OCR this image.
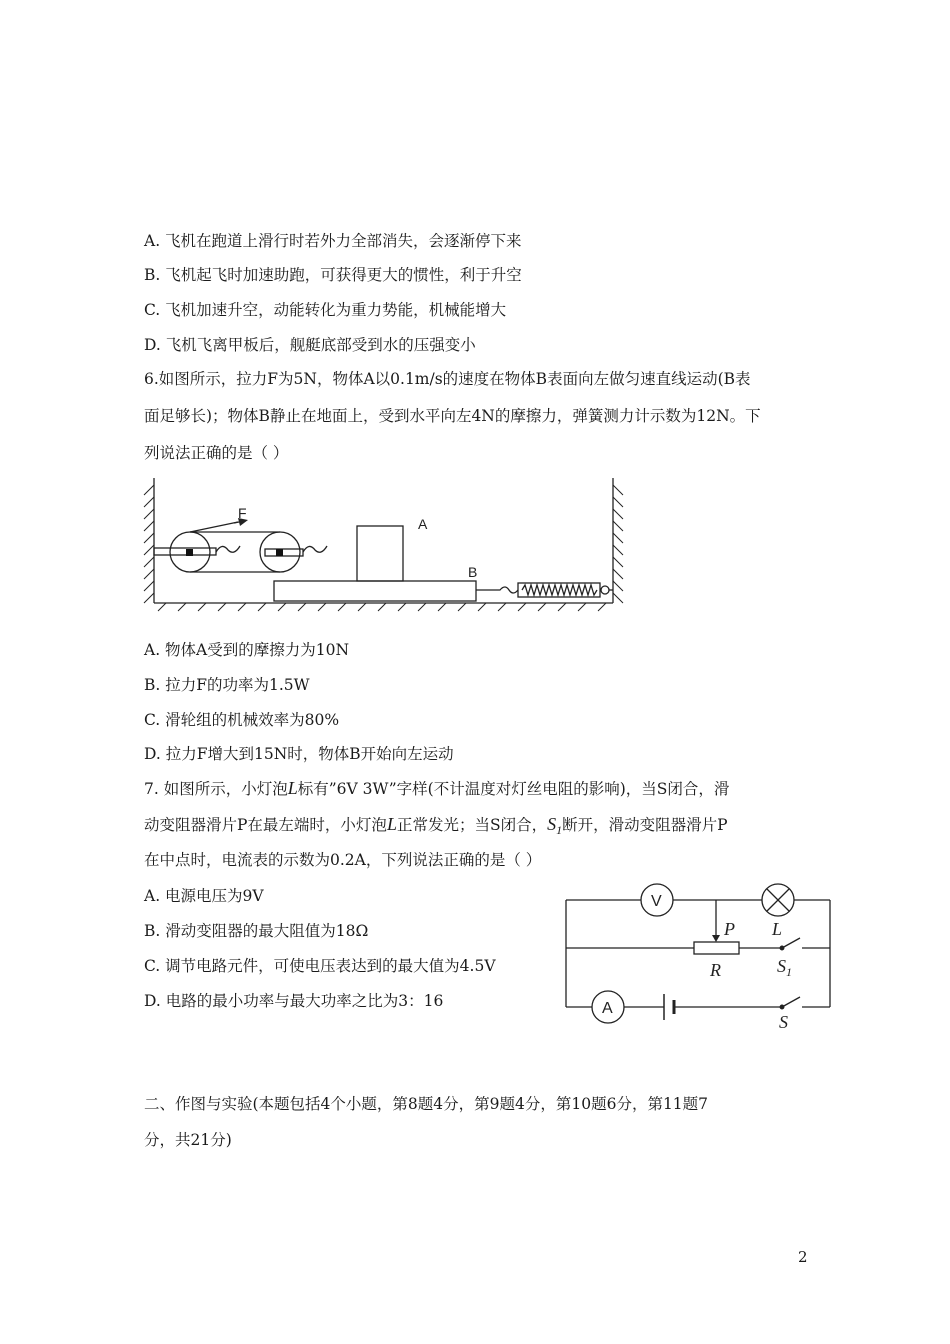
A. 飞机在跑道上滑行时若外力全部消失，会逐渐停下来
B. 飞机起飞时加速助跑，可获得更大的惯性，利于升空
C. 飞机加速升空，动能转化为重力势能，机械能增大
D. 飞机飞离甲板后，舰艇底部受到水的压强变小
6.如图所示，拉力F为5N，物体A以0.1m/s的速度在物体B表面向左做匀速直线运动(B表
面足够长)；物体B静止在地面上，受到水平向左4N的摩擦力，弹簧测力计示数为12N。下
列说法正确的是（ ）
F
A
B
A. 物体A受到的摩擦力为10N
B. 拉力F的功率为1.5W
C. 滑轮组的机械效率为80%
D. 拉力F增大到15N时，物体B开始向左运动
7. 如图所示，小灯泡L标有”6V 3W”字样(不计温度对灯丝电阻的影响)，当S闭合，滑
动变阻器滑片P在最左端时，小灯泡L正常发光；当S闭合，$S_1$断开，滑动变阻器滑片P
在中点时，电流表的示数为0.2A，下列说法正确的是（ ）
A. 电源电压为9V
B. 滑动变阻器的最大阻值为18Ω
C. 调节电路元件，可使电压表达到的最大值为4.5V
D. 电路的最小功率与最大功率之比为3：16
V
A
P L
R	$S_1$
S
二、作图与实验(本题包括4个小题，第8题4分，第9题4分，第10题6分，第11题7
分，共21分)
2
